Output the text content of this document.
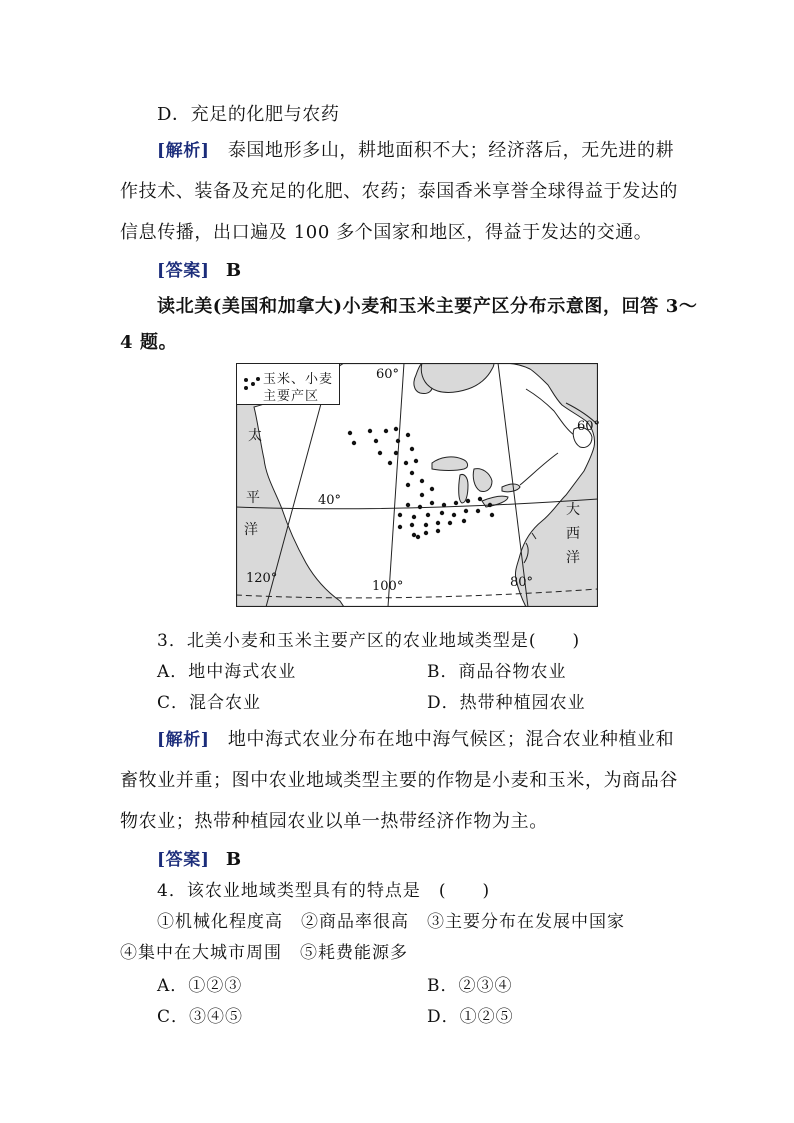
D．充足的化肥与农药
[解析] 泰国地形多山，耕地面积不大；经济落后，无先进的耕
作技术、装备及充足的化肥、农药；泰国香米享誉全球得益于发达的
信息传播，出口遍及 100 多个国家和地区，得益于发达的交通。
[答案] B
读北美(美国和加拿大)小麦和玉米主要产区分布示意图，回答 3～
4 题。
玉米、小麦
主要产区
60°
60°
40°
120°
100°	80°
太
平
洋
大
西
洋
3．北美小麦和玉米主要产区的农业地域类型是(　　)
A．地中海式农业	B．商品谷物农业
C．混合农业	D．热带种植园农业
[解析] 地中海式农业分布在地中海气候区；混合农业种植业和
畜牧业并重；图中农业地域类型主要的作物是小麦和玉米，为商品谷
物农业；热带种植园农业以单一热带经济作物为主。
[答案] B
4．该农业地域类型具有的特点是　(　　)
①机械化程度高　②商品率很高　③主要分布在发展中国家
④集中在大城市周围　⑤耗费能源多
A．①②③	B．②③④
C．③④⑤	D．①②⑤
